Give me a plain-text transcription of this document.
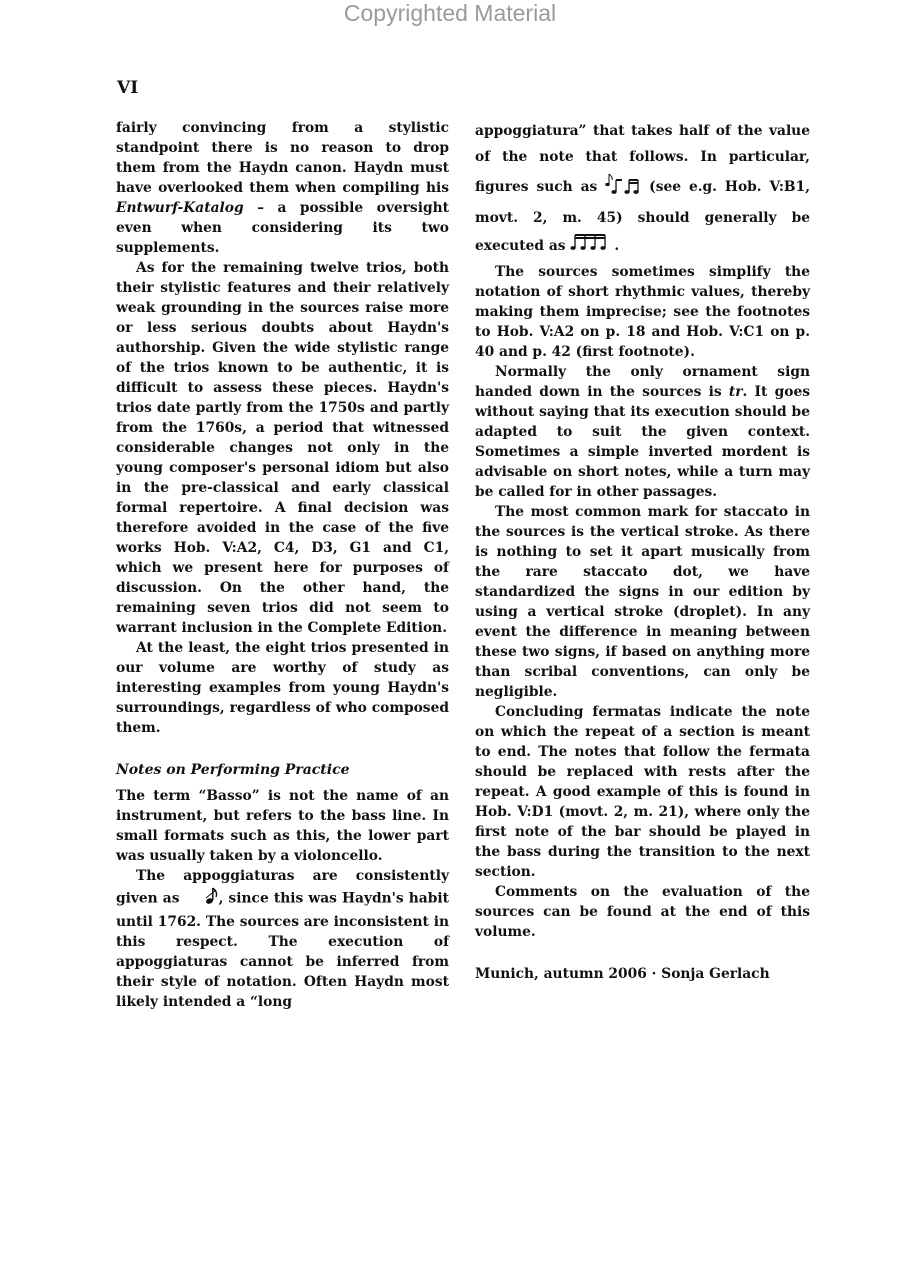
Copyrighted Material
VI

fairly convincing from a stylistic standpoint there is no reason to drop them from the Haydn canon. Haydn must have overlooked them when compiling his Entwurf-Katalog – a possible oversight even when considering its two supplements.

As for the remaining twelve trios, both their stylistic features and their relatively weak grounding in the sources raise more or less serious doubts about Haydn's authorship. Given the wide stylistic range of the trios known to be authentic, it is difficult to assess these pieces. Haydn's trios date partly from the 1750s and partly from the 1760s, a period that witnessed considerable changes not only in the young composer's personal idiom but also in the pre-classical and early classical formal repertoire. A final decision was therefore avoided in the case of the five works Hob. V:A2, C4, D3, G1 and C1, which we present here for purposes of discussion. On the other hand, the remaining seven trios did not seem to warrant inclusion in the Complete Edition.

At the least, the eight trios presented in our volume are worthy of study as interesting examples from young Haydn's surroundings, regardless of who composed them.

Notes on Performing Practice

The term “Basso” is not the name of an instrument, but refers to the bass line. In small formats such as this, the lower part was usually taken by a violoncello.

The appoggiaturas are consistently given as , since this was Haydn's habit until 1762. The sources are inconsistent in this respect. The execution of appoggiaturas cannot be inferred from their style of notation. Often Haydn most likely intended a “long

appoggiatura” that takes half of the value of the note that follows. In particular, figures such as	(see e.g. Hob. V:B1, movt. 2, m. 45) should generally be executed as	.

The sources sometimes simplify the notation of short rhythmic values, thereby making them imprecise; see the footnotes to Hob. V:A2 on p. 18 and Hob. V:C1 on p. 40 and p. 42 (first footnote).

Normally the only ornament sign handed down in the sources is tr. It goes without saying that its execution should be adapted to suit the given context. Sometimes a simple inverted mordent is advisable on short notes, while a turn may be called for in other passages.

The most common mark for staccato in the sources is the vertical stroke. As there is nothing to set it apart musically from the rare staccato dot, we have standardized the signs in our edition by using a vertical stroke (droplet). In any event the difference in meaning between these two signs, if based on anything more than scribal conventions, can only be negligible.

Concluding fermatas indicate the note on which the repeat of a section is meant to end. The notes that follow the fermata should be replaced with rests after the repeat. A good example of this is found in Hob. V:D1 (movt. 2, m. 21), where only the first note of the bar should be played in the bass during the transition to the next section.

Comments on the evaluation of the sources can be found at the end of this volume.

Munich, autumn 2006 · Sonja Gerlach
